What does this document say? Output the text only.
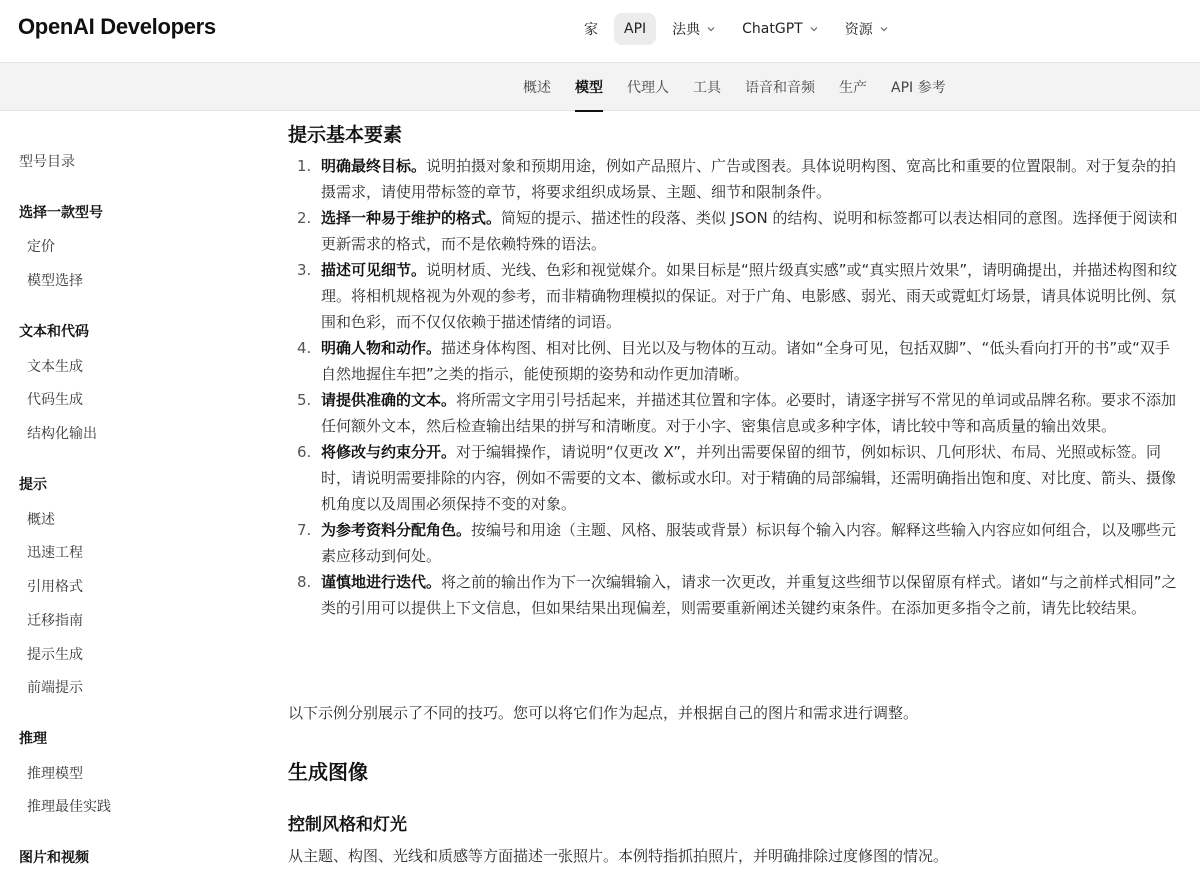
OpenAI Developers	家 API 法典	ChatGPT	资源
概述	模型	代理人	工具	语音和音频	生产	API 参考
型号目录
选择一款型号
定价
模型选择
文本和代码
文本生成
代码生成
结构化输出
提示
概述
迅速工程
引用格式
迁移指南
提示生成
前端提示
推理
推理模型
推理最佳实践
图片和视频
提示基本要素
1. 明确最终目标。说明拍摄对象和预期用途，例如产品照片、广告或图表。具体说明构图、宽高比和重要的位置限制。对于复杂的拍摄需求，请使用带标签的章节，将要求组织成场景、主题、细节和限制条件。
2. 选择一种易于维护的格式。简短的提示、描述性的段落、类似 JSON 的结构、说明和标签都可以表达相同的意图。选择便于阅读和更新需求的格式，而不是依赖特殊的语法。
3. 描述可见细节。说明材质、光线、色彩和视觉媒介。如果目标是“照片级真实感”或“真实照片效果”，请明确提出，并描述构图和纹理。将相机规格视为外观的参考，而非精确物理模拟的保证。对于广角、电影感、弱光、雨天或霓虹灯场景，请具体说明比例、氛围和色彩，而不仅仅依赖于描述情绪的词语。
4. 明确人物和动作。描述身体构图、相对比例、目光以及与物体的互动。诸如“全身可见，包括双脚”、“低头看向打开的书”或“双手自然地握住车把”之类的指示，能使预期的姿势和动作更加清晰。
5. 请提供准确的文本。将所需文字用引号括起来，并描述其位置和字体。必要时，请逐字拼写不常见的单词或品牌名称。要求不添加任何额外文本，然后检查输出结果的拼写和清晰度。对于小字、密集信息或多种字体，请比较中等和高质量的输出效果。
6. 将修改与约束分开。对于编辑操作，请说明“仅更改 X”，并列出需要保留的细节，例如标识、几何形状、布局、光照或标签。同时，请说明需要排除的内容，例如不需要的文本、徽标或水印。对于精确的局部编辑，还需明确指出饱和度、对比度、箭头、摄像机角度以及周围必须保持不变的对象。
7. 为参考资料分配角色。按编号和用途（主题、风格、服装或背景）标识每个输入内容。解释这些输入内容应如何组合，以及哪些元素应移动到何处。
8. 谨慎地进行迭代。将之前的输出作为下一次编辑输入，请求一次更改，并重复这些细节以保留原有样式。诸如“与之前样式相同”之类的引用可以提供上下文信息，但如果结果出现偏差，则需要重新阐述关键约束条件。在添加更多指令之前，请先比较结果。

以下示例分别展示了不同的技巧。您可以将它们作为起点，并根据自己的图片和需求进行调整。

生成图像
控制风格和灯光

从主题、构图、光线和质感等方面描述一张照片。本例特指抓拍照片，并明确排除过度修图的情况。
